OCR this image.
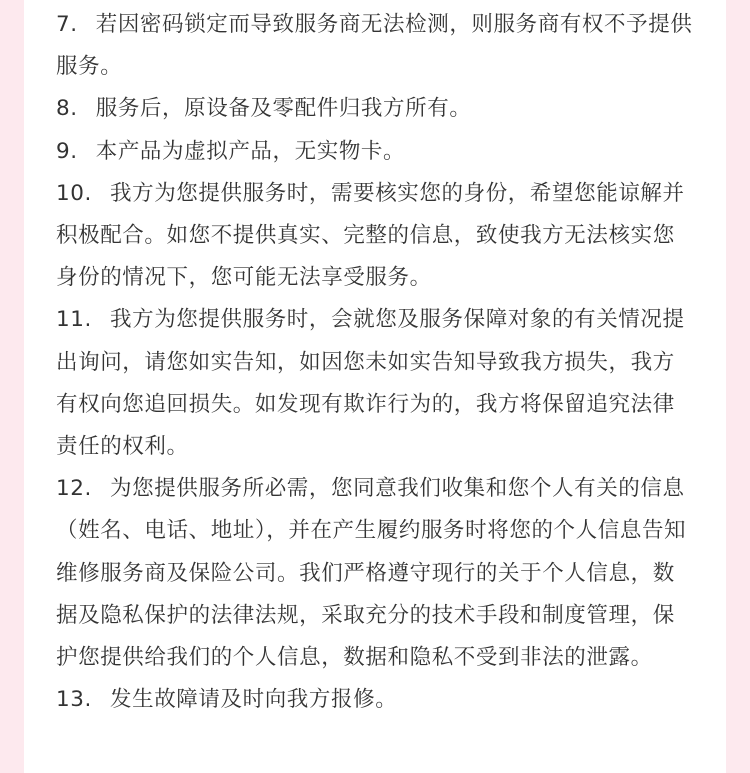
7. 若因密码锁定而导致服务商无法检测，则服务商有权不予提供服务。

8. 服务后，原设备及零配件归我方所有。

9. 本产品为虚拟产品，无实物卡。

10. 我方为您提供服务时，需要核实您的身份，希望您能谅解并积极配合。如您不提供真实、完整的信息，致使我方无法核实您身份的情况下，您可能无法享受服务。

11. 我方为您提供服务时，会就您及服务保障对象的有关情况提出询问，请您如实告知，如因您未如实告知导致我方损失，我方有权向您追回损失。如发现有欺诈行为的，我方将保留追究法律责任的权利。

12. 为您提供服务所必需，您同意我们收集和您个人有关的信息（姓名、电话、地址），并在产生履约服务时将您的个人信息告知维修服务商及保险公司。我们严格遵守现行的关于个人信息，数据及隐私保护的法律法规，采取充分的技术手段和制度管理，保护您提供给我们的个人信息，数据和隐私不受到非法的泄露。

13. 发生故障请及时向我方报修。
